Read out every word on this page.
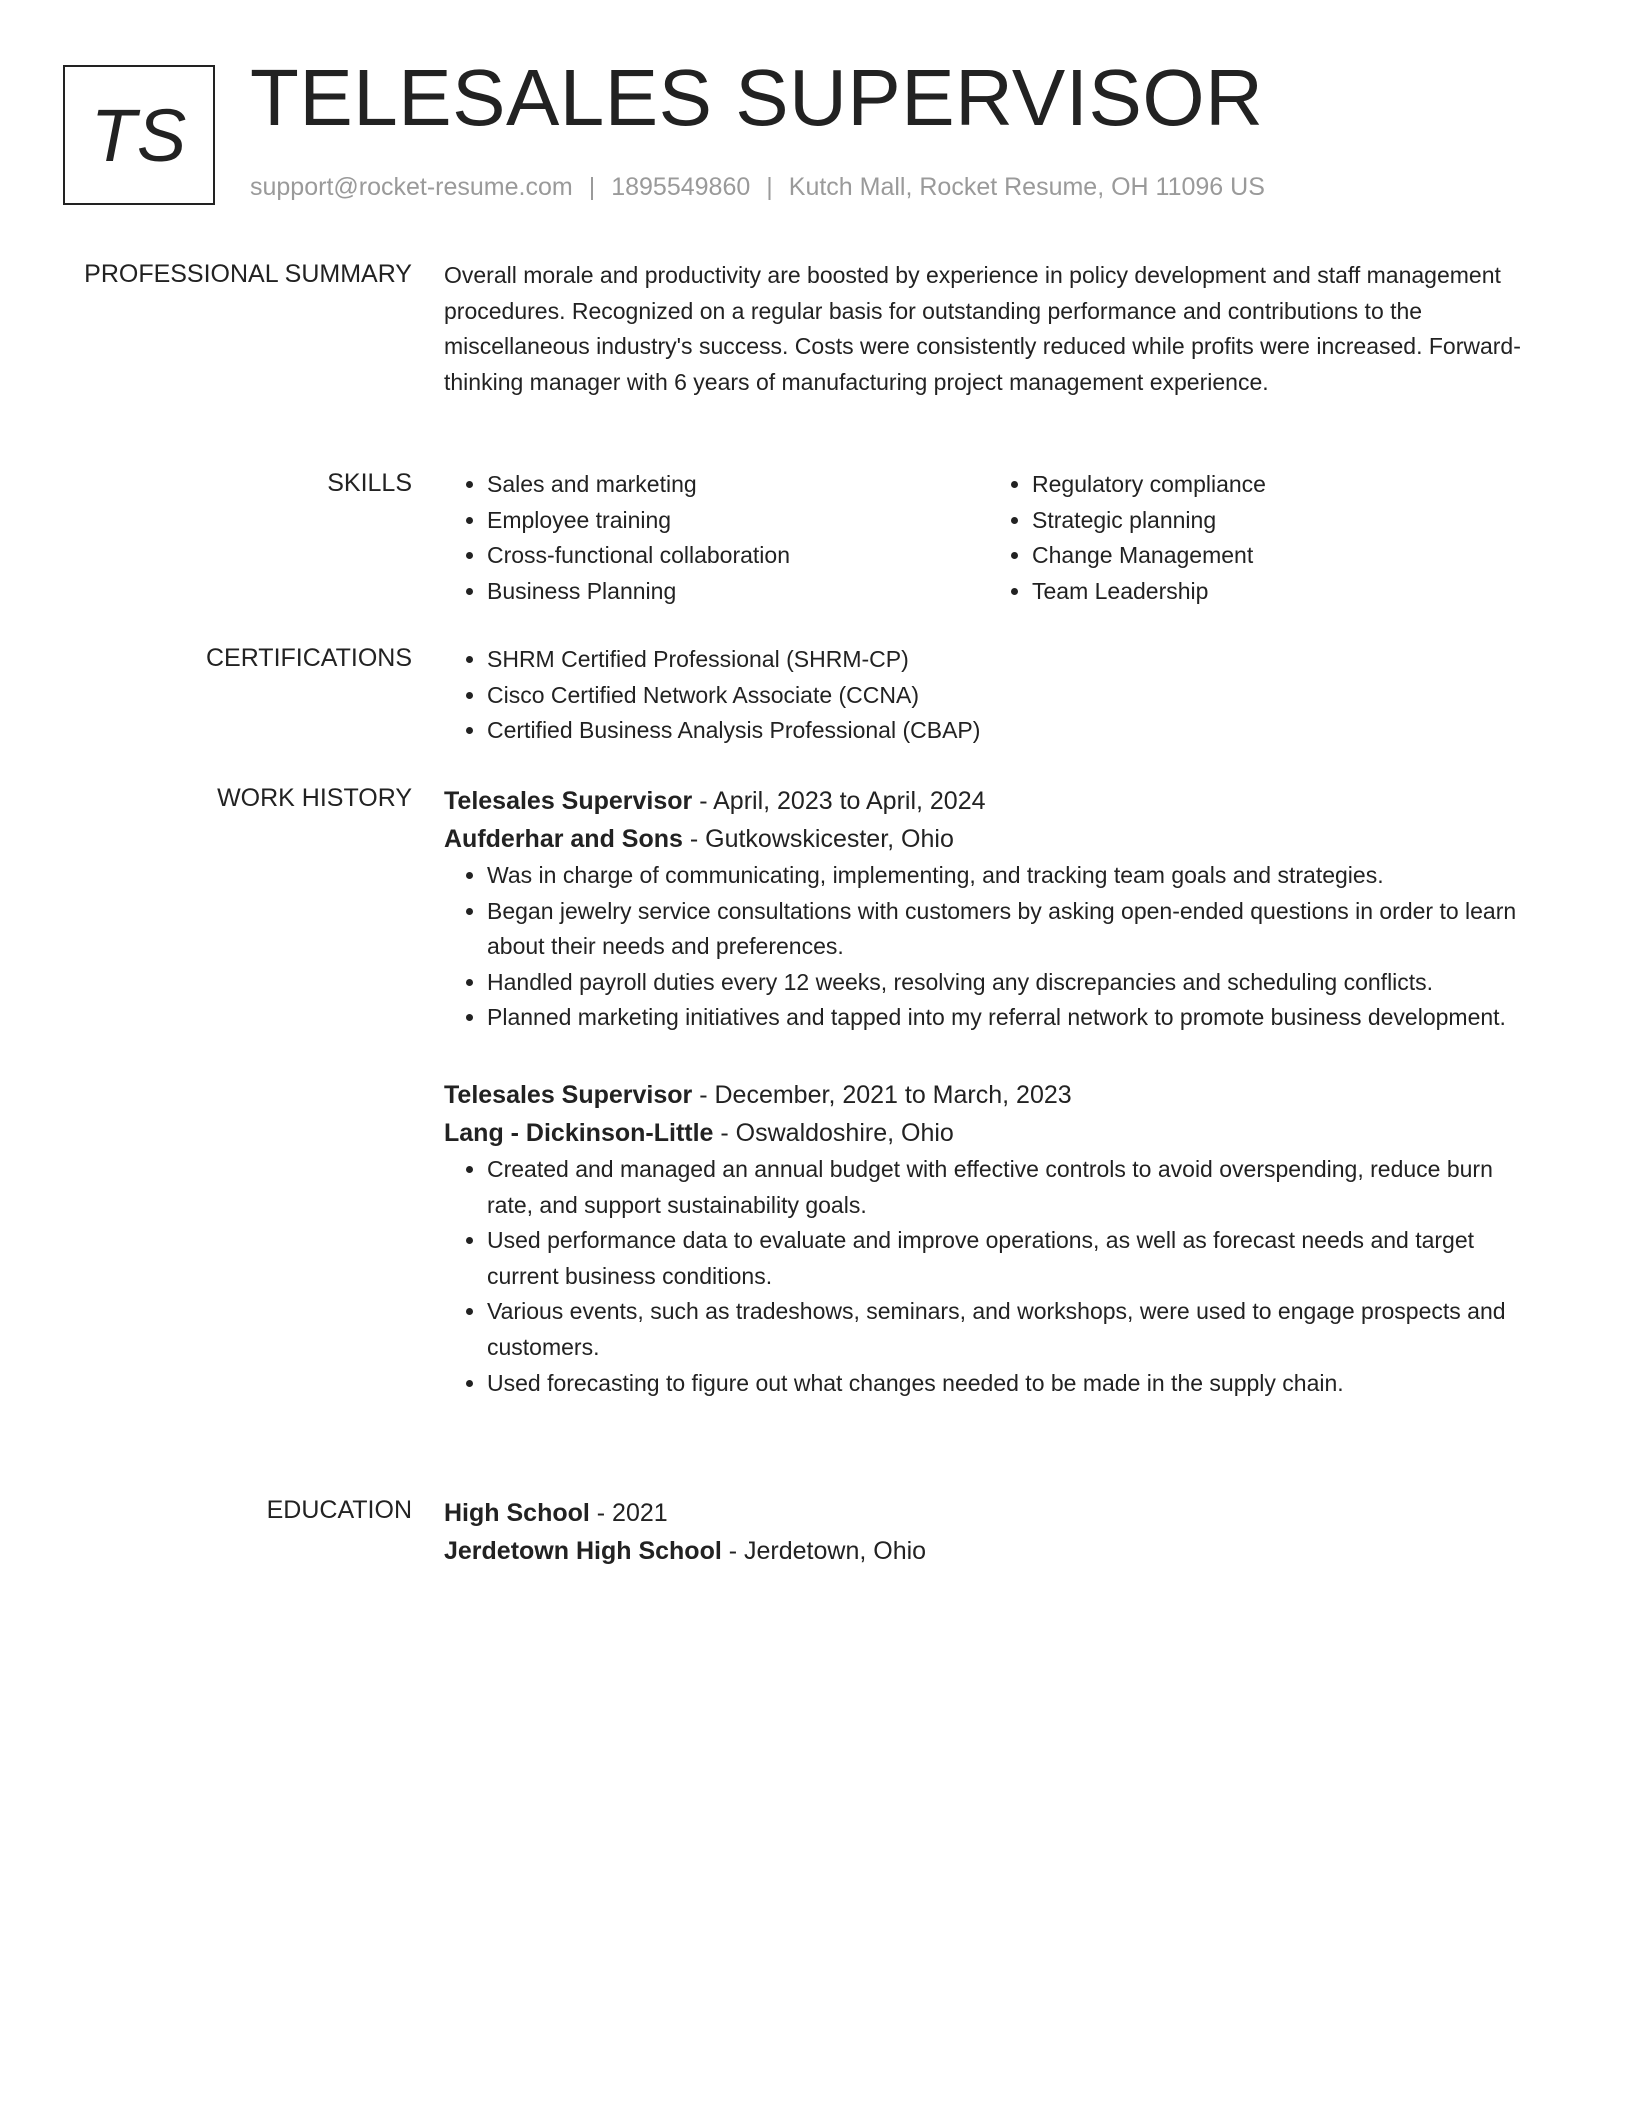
TS TELESALES SUPERVISOR
support@rocket-resume.com | 1895549860 | Kutch Mall, Rocket Resume, OH 11096 US
PROFESSIONAL SUMMARY Overall morale and productivity are boosted by experience in policy development and staff management procedures. Recognized on a regular basis for outstanding performance and contributions to the miscellaneous industry's success. Costs were consistently reduced while profits were increased. Forward-thinking manager with 6 years of manufacturing project management experience.
SKILLS	• Sales and marketing
• Employee training
• Cross-functional collaboration
• Business Planning
• Regulatory compliance
• Strategic planning
• Change Management
• Team Leadership
CERTIFICATIONS	• SHRM Certified Professional (SHRM-CP)
• Cisco Certified Network Associate (CCNA)
• Certified Business Analysis Professional (CBAP)
WORK HISTORY Telesales Supervisor - April, 2023 to April, 2024
Aufderhar and Sons - Gutkowskicester, Ohio
• Was in charge of communicating, implementing, and tracking team goals and strategies.
• Began jewelry service consultations with customers by asking open-ended questions in order to learn about their needs and preferences.
• Handled payroll duties every 12 weeks, resolving any discrepancies and scheduling conflicts.
• Planned marketing initiatives and tapped into my referral network to promote business development.
Telesales Supervisor - December, 2021 to March, 2023
Lang - Dickinson-Little - Oswaldoshire, Ohio
• Created and managed an annual budget with effective controls to avoid overspending, reduce burn rate, and support sustainability goals.
• Used performance data to evaluate and improve operations, as well as forecast needs and target current business conditions.
• Various events, such as tradeshows, seminars, and workshops, were used to engage prospects and customers.
• Used forecasting to figure out what changes needed to be made in the supply chain.
EDUCATION High School - 2021
Jerdetown High School - Jerdetown, Ohio
